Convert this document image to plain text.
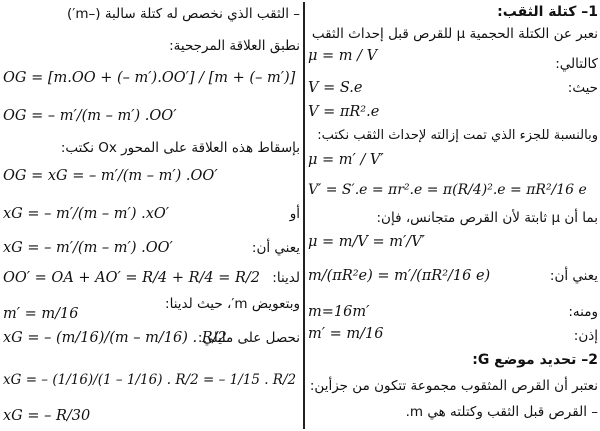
1– كتلة الثقب:
نعبر عن الكتلة الحجمية μ للقرص قبل إحداث الثقب
كالتالي:
μ = m / V
حيث:
V = S.e
V = πR².e
وبالنسبة للجزء الذي تمت إزالته لإحداث الثقب نكتب:
μ = m′ / V′
V′ = S′.e = πr².e = π(R/4)².e = πR²/16 e
بما أن μ ثابتة لأن القرص متجانس، فإن:
μ = m/V = m′/V′
يعني أن:
m/(πR²e) = m′/(πR²/16 e)
ومنه:
m=16m′
إذن:
m′ = m/16
2– تحديد موضع G:
نعتبر أن القرص المثقوب مجموعة تتكون من جزأين:
– القرص قبل الثقب وكتلته هي m.
– الثقب الذي نخصص له كتلة سالبة (–m′)
نطبق العلاقة المرجحية:
OG = [m.OO + (– m′).OO′] / [m + (– m′)]
OG = – m′/(m – m′) .OO′
بإسقاط هذه العلاقة على المحور Ox نكتب:
OG = xG = – m′/(m – m′) .OO′
xG = – m′/(m – m′) .xO′	أو
يعني أن:
xG = – m′/(m – m′) .OO′
لدينا:
OO′ = OA + AO′ = R/4 + R/4 = R/2
وبتعويض m′، حيث لدينا:
m′ = m/16
نحصل على مايلي:
xG = – (m/16)/(m – m/16) . R/2
xG = – (1/16)/(1 – 1/16) . R/2 = – 1/15 . R/2
xG = – R/30
